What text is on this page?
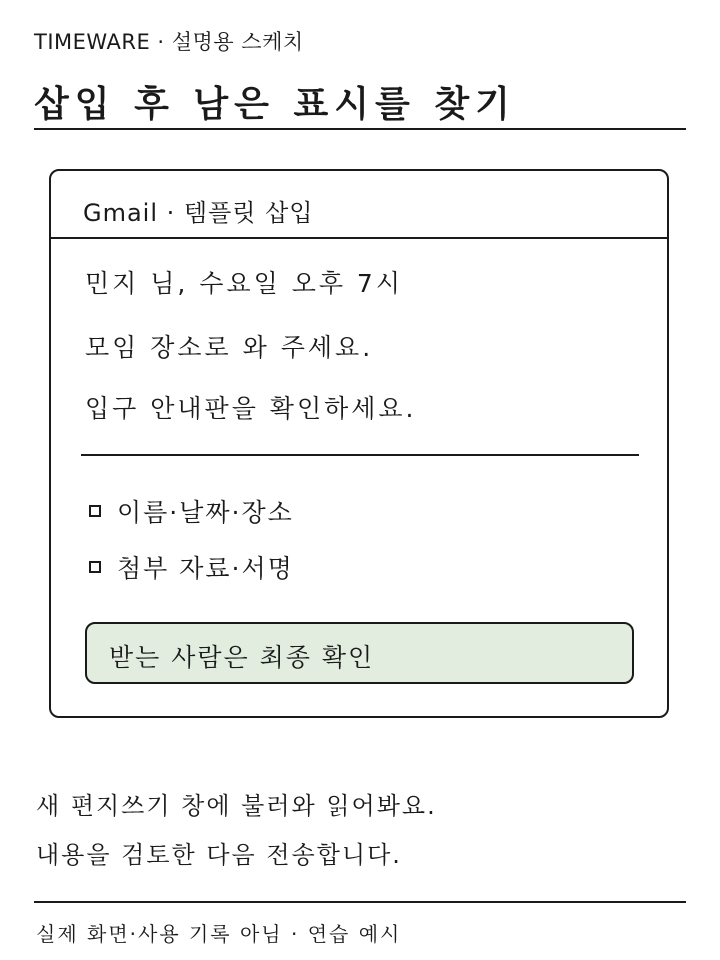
TIMEWARE · 설명용 스케치
삽입 후 남은 표시를 찾기
Gmail · 템플릿 삽입
민지 님, 수요일 오후 7시
모임 장소로 와 주세요.
입구 안내판을 확인하세요.
이름·날짜·장소
첨부 자료·서명
받는 사람은 최종 확인
새 편지쓰기 창에 불러와 읽어봐요.
내용을 검토한 다음 전송합니다.
실제 화면·사용 기록 아님 · 연습 예시
